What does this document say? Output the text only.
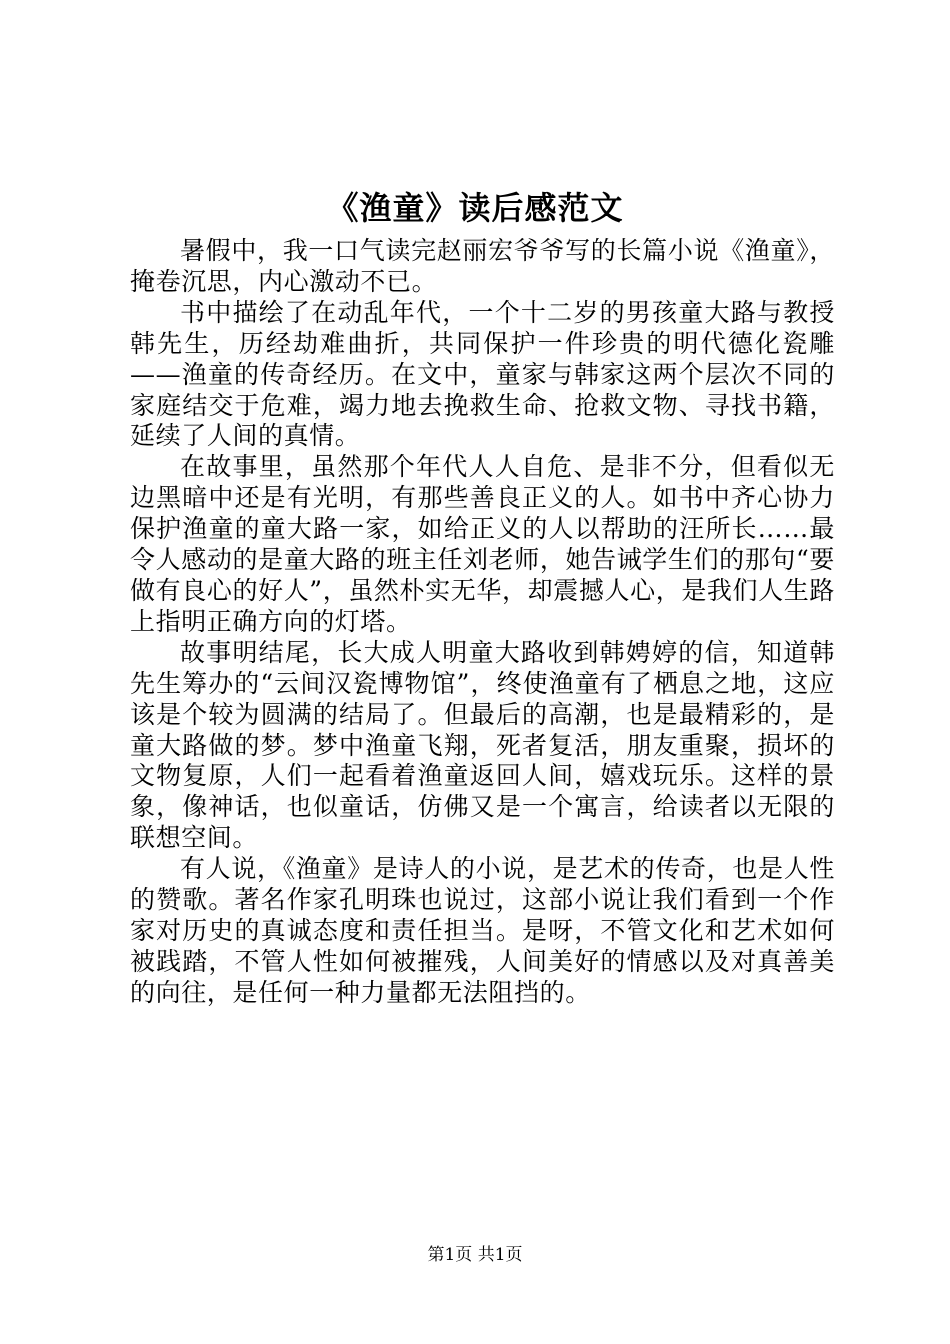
《渔童》读后感范文

暑假中，我一口气读完赵丽宏爷爷写的长篇小说《渔童》，掩卷沉思，内心激动不已。

书中描绘了在动乱年代，一个十二岁的男孩童大路与教授韩先生，历经劫难曲折，共同保护一件珍贵的明代德化瓷雕——渔童的传奇经历。在文中，童家与韩家这两个层次不同的家庭结交于危难，竭力地去挽救生命、抢救文物、寻找书籍，延续了人间的真情。

在故事里，虽然那个年代人人自危、是非不分，但看似无边黑暗中还是有光明，有那些善良正义的人。如书中齐心协力保护渔童的童大路一家，如给正义的人以帮助的汪所长……最令人感动的是童大路的班主任刘老师，她告诫学生们的那句“要做有良心的好人”，虽然朴实无华，却震撼人心，是我们人生路上指明正确方向的灯塔。

故事明结尾，长大成人明童大路收到韩娉婷的信，知道韩先生筹办的“云间汉瓷博物馆”，终使渔童有了栖息之地，这应该是个较为圆满的结局了。但最后的高潮，也是最精彩的，是童大路做的梦。梦中渔童飞翔，死者复活，朋友重聚，损坏的文物复原，人们一起看着渔童返回人间，嬉戏玩乐。这样的景象，像神话，也似童话，仿佛又是一个寓言，给读者以无限的联想空间。

有人说，《渔童》是诗人的小说，是艺术的传奇，也是人性的赞歌。著名作家孔明珠也说过，这部小说让我们看到一个作家对历史的真诚态度和责任担当。是呀，不管文化和艺术如何被践踏，不管人性如何被摧残，人间美好的情感以及对真善美的向往，是任何一种力量都无法阻挡的。

第1页 共1页
